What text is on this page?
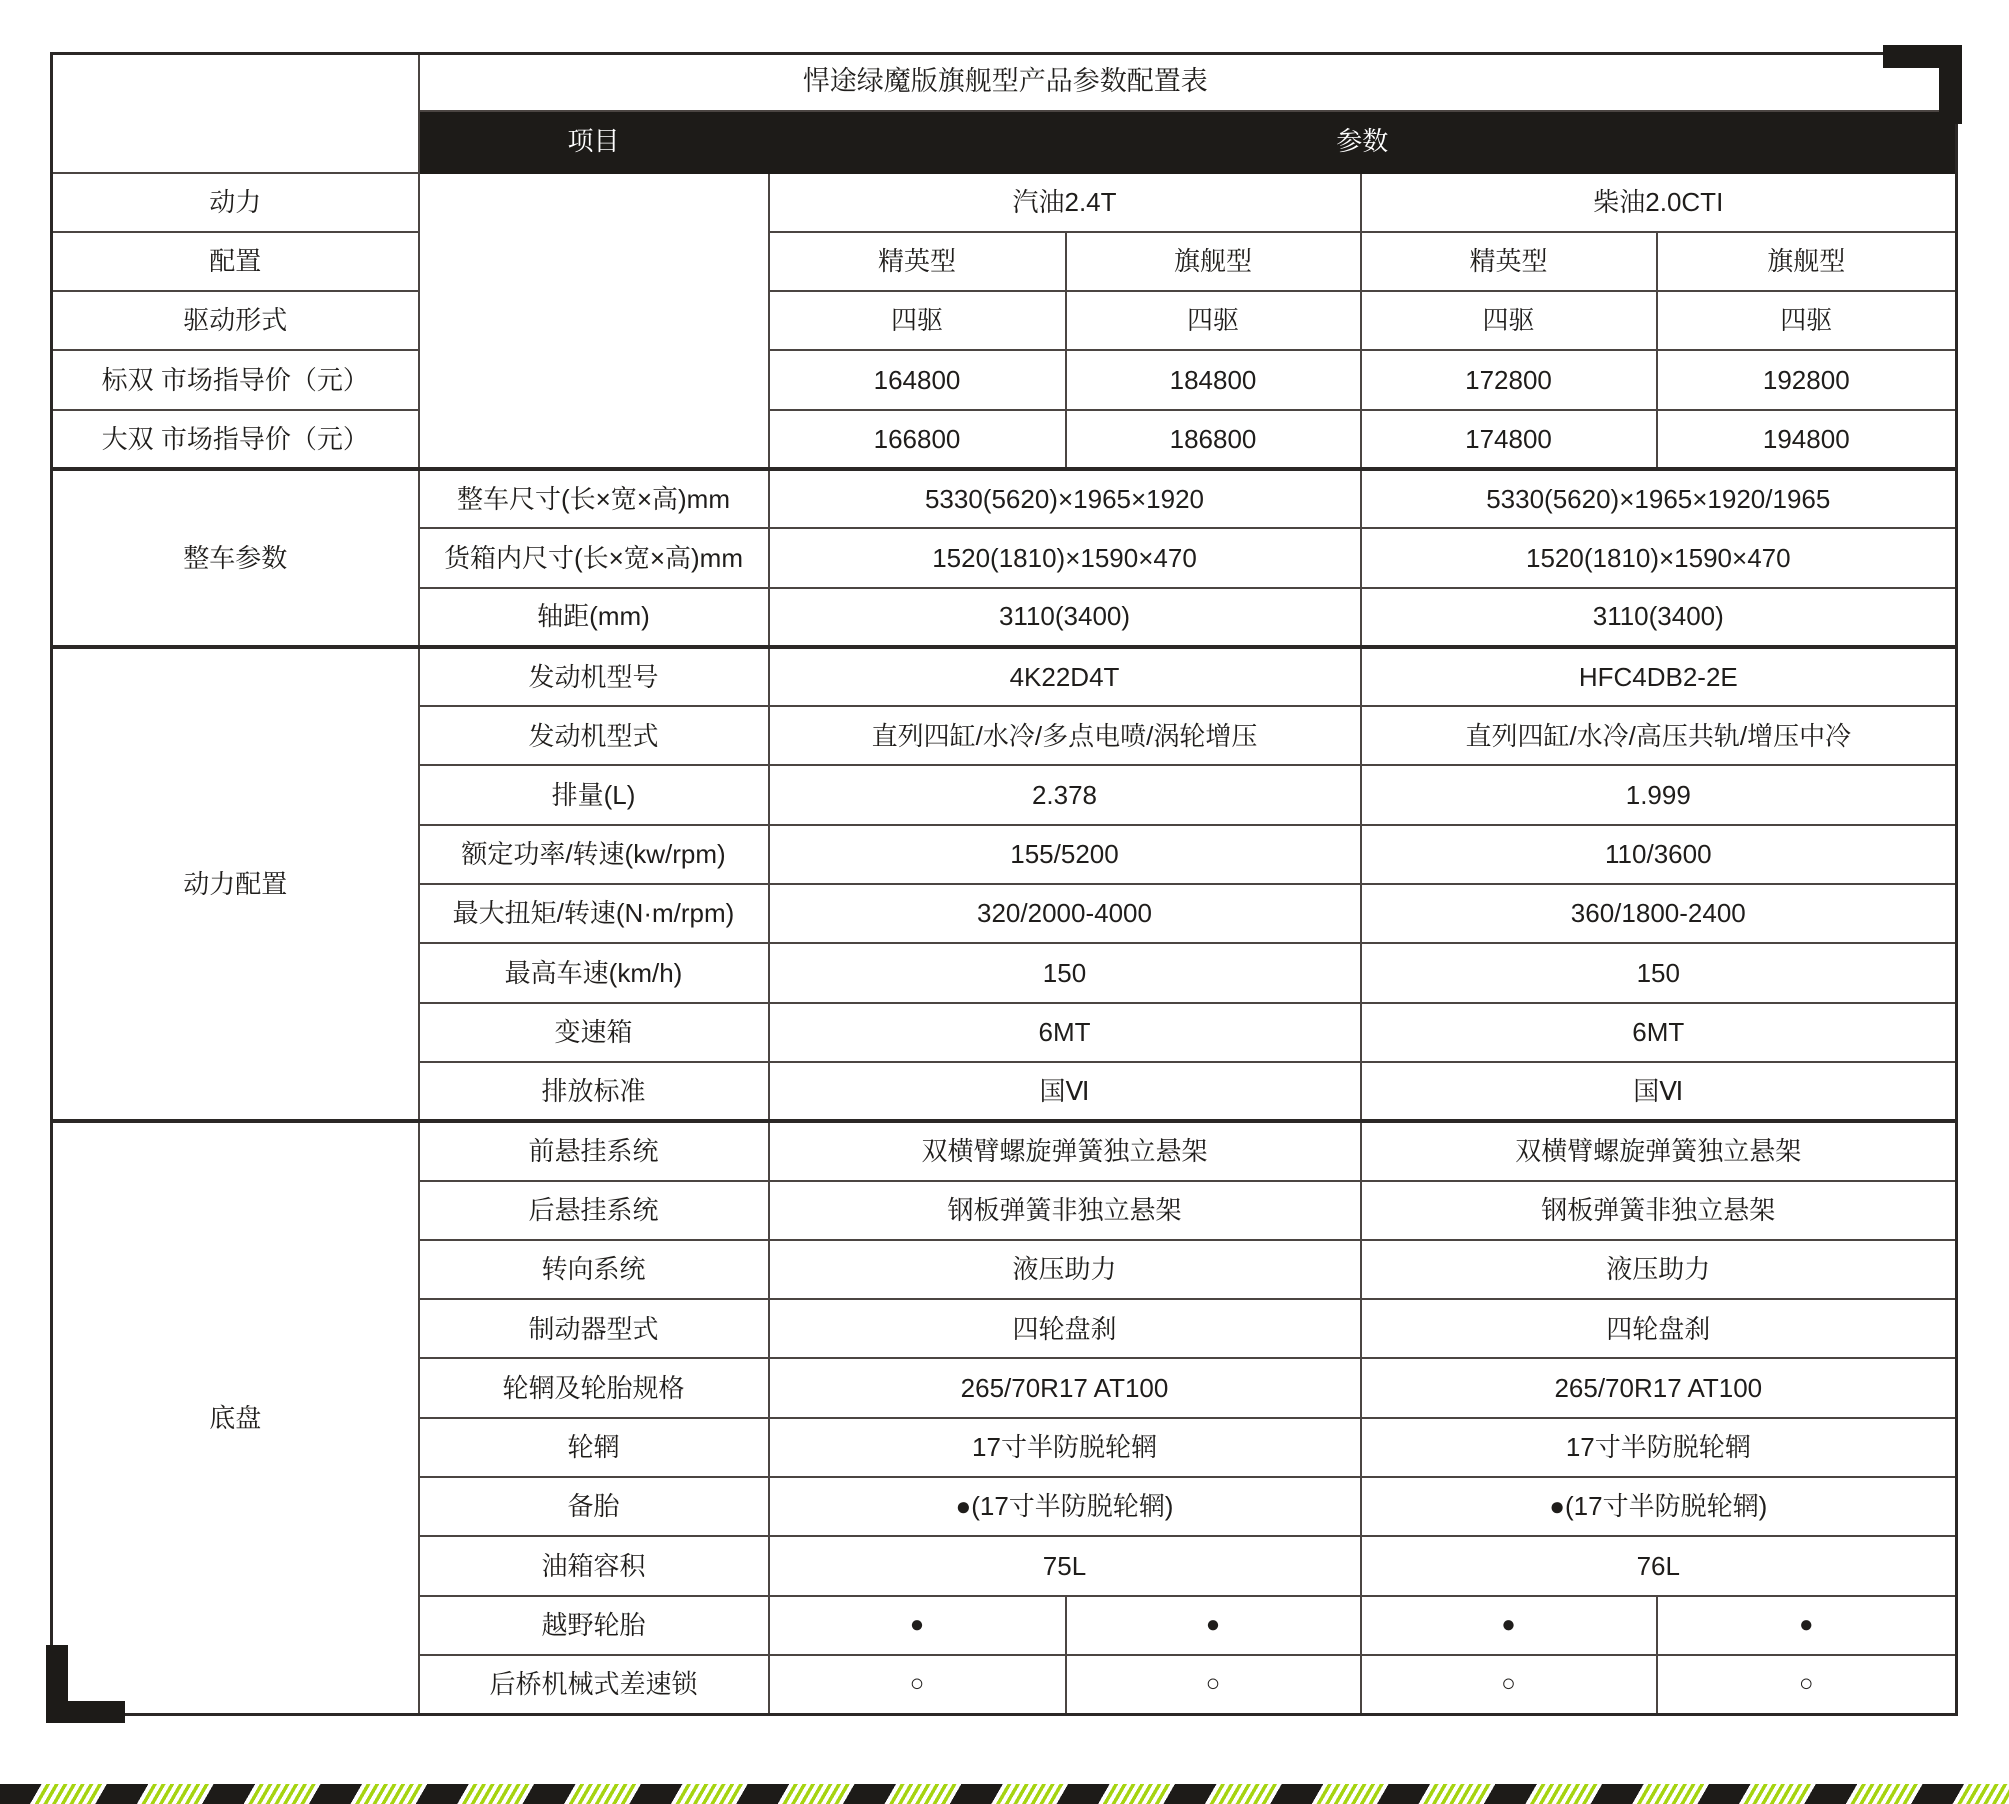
	悍途绿魔版旗舰型产品参数配置表				
	项目	参数			
动力		汽油2.4T		柴油2.0CTI	
配置		精英型	旗舰型	精英型	旗舰型
驱动形式		四驱	四驱	四驱	四驱
标双 市场指导价（元）		164800	184800	172800	192800
大双 市场指导价（元）		166800	186800	174800	194800
整车参数	整车尺寸(长×宽×高)mm	5330(5620)×1965×1920		5330(5620)×1965×1920/1965	
	货箱内尺寸(长×宽×高)mm	1520(1810)×1590×470		1520(1810)×1590×470	
	轴距(mm)	3110(3400)		3110(3400)	
动力配置	发动机型号	4K22D4T		HFC4DB2-2E	
	发动机型式	直列四缸/水冷/多点电喷/涡轮增压		直列四缸/水冷/高压共轨/增压中冷	
	排量(L)	2.378		1.999	
	额定功率/转速(kw/rpm)	155/5200		110/3600	
	最大扭矩/转速(N·m/rpm)	320/2000-4000		360/1800-2400	
	最高车速(km/h)	150		150	
	变速箱	6MT		6MT	
	排放标准	国Ⅵ		国Ⅵ	
底盘	前悬挂系统	双横臂螺旋弹簧独立悬架		双横臂螺旋弹簧独立悬架	
	后悬挂系统	钢板弹簧非独立悬架		钢板弹簧非独立悬架	
	转向系统	液压助力		液压助力	
	制动器型式	四轮盘刹		四轮盘刹	
	轮辋及轮胎规格	265/70R17 AT100		265/70R17 AT100	
	轮辋	17寸半防脱轮辋		17寸半防脱轮辋	
	备胎	●(17寸半防脱轮辋)		●(17寸半防脱轮辋)	
	油箱容积	75L		76L	
	越野轮胎	●	●	●	●
	后桥机械式差速锁	○	○	○	○
